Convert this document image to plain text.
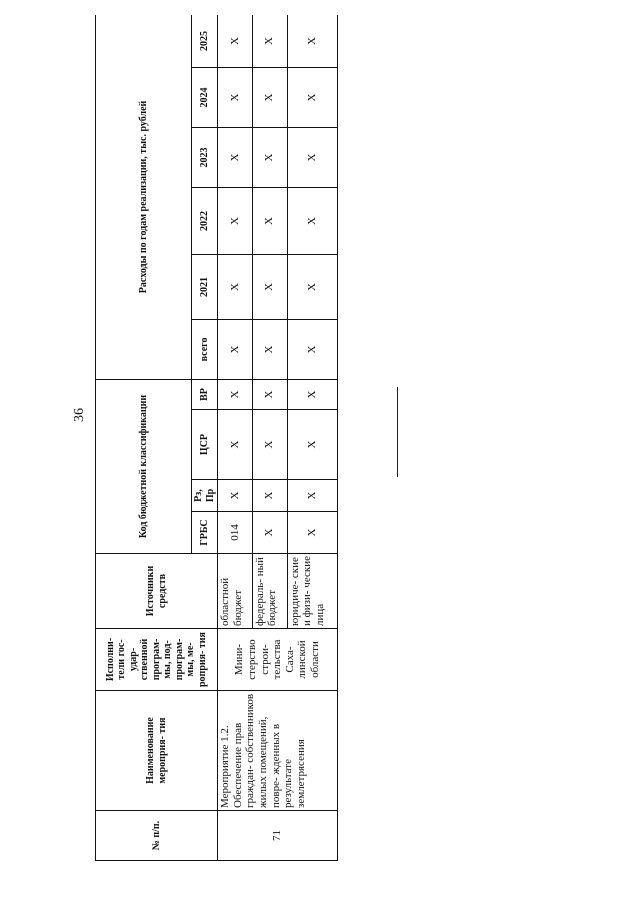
36
№ п/п.	Наименование мероприя- тия	Исполни- тели гос- удар- ственной програм- мы, под- програм- мы, ме- роприя- тия	Источники средств	Код бюджетной классификации				Расходы по годам реализации, тыс. рублей					
				ГРБС	Рз, Пр	ЦСР	ВР	всего	2021	2022	2023	2024	2025
71	Мероприятие 1.2. Обеспечение прав граждан- собственников жилых помещений, повре- жденных в результате землетрясения	Мини- стерство строи- тельства Саха- линской области	областной бюджет	014	X	X	X	X	X	X	X	X	X
			федераль- ный бюджет	X	X	X	X	X	X	X	X	X	X
			юридиче- ские и физи- ческие лица	X	X	X	X	X	X	X	X	X	X
